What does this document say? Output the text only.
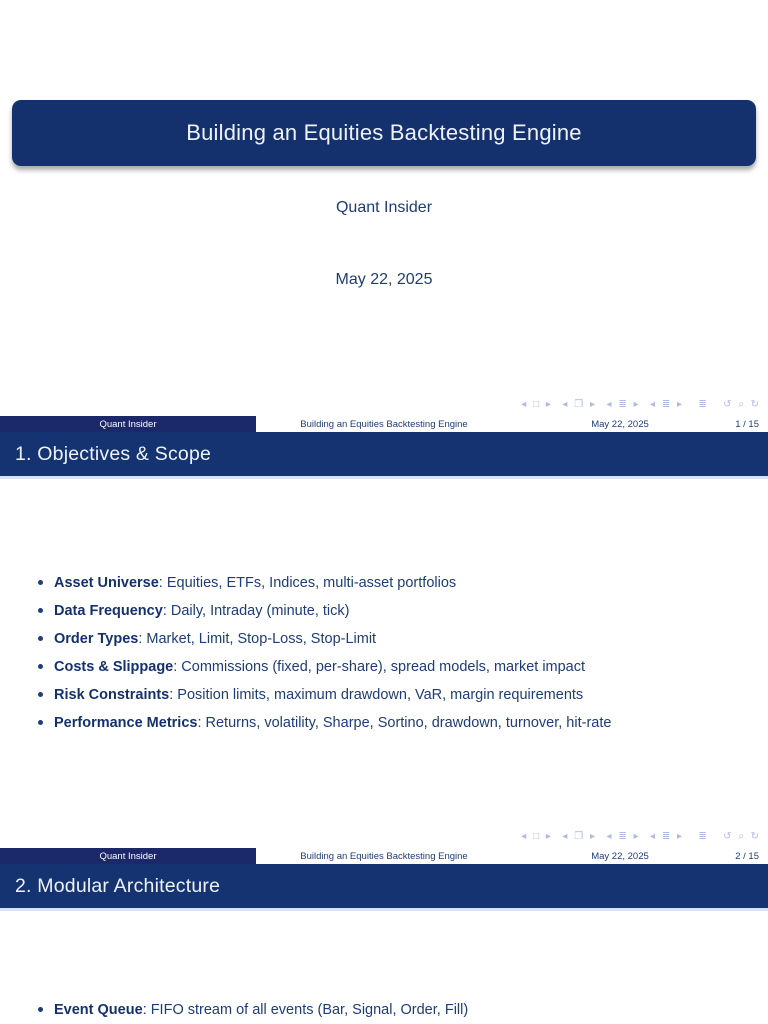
Building an Equities Backtesting Engine
Quant Insider
May 22, 2025
◂ □ ▸  ◂ ❐ ▸  ◂ ≣ ▸  ◂ ≣ ▸   ≣   ↺ ⌕ ↻
Quant Insider	Building an Equities Backtesting Engine	May 22, 2025	1 / 15
1. Objectives & Scope
Asset Universe: Equities, ETFs, Indices, multi-asset portfolios
Data Frequency: Daily, Intraday (minute, tick)
Order Types: Market, Limit, Stop-Loss, Stop-Limit
Costs & Slippage: Commissions (fixed, per-share), spread models, market impact
Risk Constraints: Position limits, maximum drawdown, VaR, margin requirements
Performance Metrics: Returns, volatility, Sharpe, Sortino, drawdown, turnover, hit-rate
◂ □ ▸  ◂ ❐ ▸  ◂ ≣ ▸  ◂ ≣ ▸   ≣   ↺ ⌕ ↻
Quant Insider	Building an Equities Backtesting Engine	May 22, 2025	2 / 15
2. Modular Architecture
Event Queue: FIFO stream of all events (Bar, Signal, Order, Fill)
